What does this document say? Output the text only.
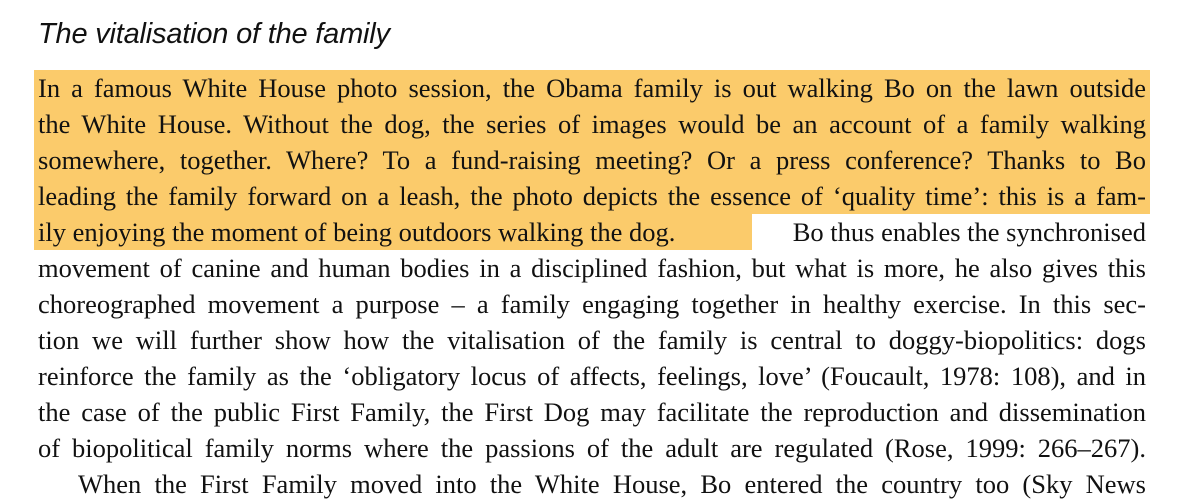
The vitalisation of the family
In a famous White House photo session, the Obama family is out walking Bo on the lawn outside
the White House. Without the dog, the series of images would be an account of a family walking
somewhere, together. Where? To a fund-raising meeting? Or a press conference? Thanks to Bo
leading the family forward on a leash, the photo depicts the essence of ‘quality time’: this is a fam-
ily enjoying the moment of being outdoors walking the dog.	Bo thus enables the synchronised
movement of canine and human bodies in a disciplined fashion, but what is more, he also gives this
choreographed movement a purpose – a family engaging together in healthy exercise. In this sec-
tion we will further show how the vitalisation of the family is central to doggy-biopolitics: dogs
reinforce the family as the ‘obligatory locus of affects, feelings, love’ (Foucault, 1978: 108), and in
the case of the public First Family, the First Dog may facilitate the reproduction and dissemination
of biopolitical family norms where the passions of the adult are regulated (Rose, 1999: 266–267).
When the First Family moved into the White House, Bo entered the country too (Sky News
